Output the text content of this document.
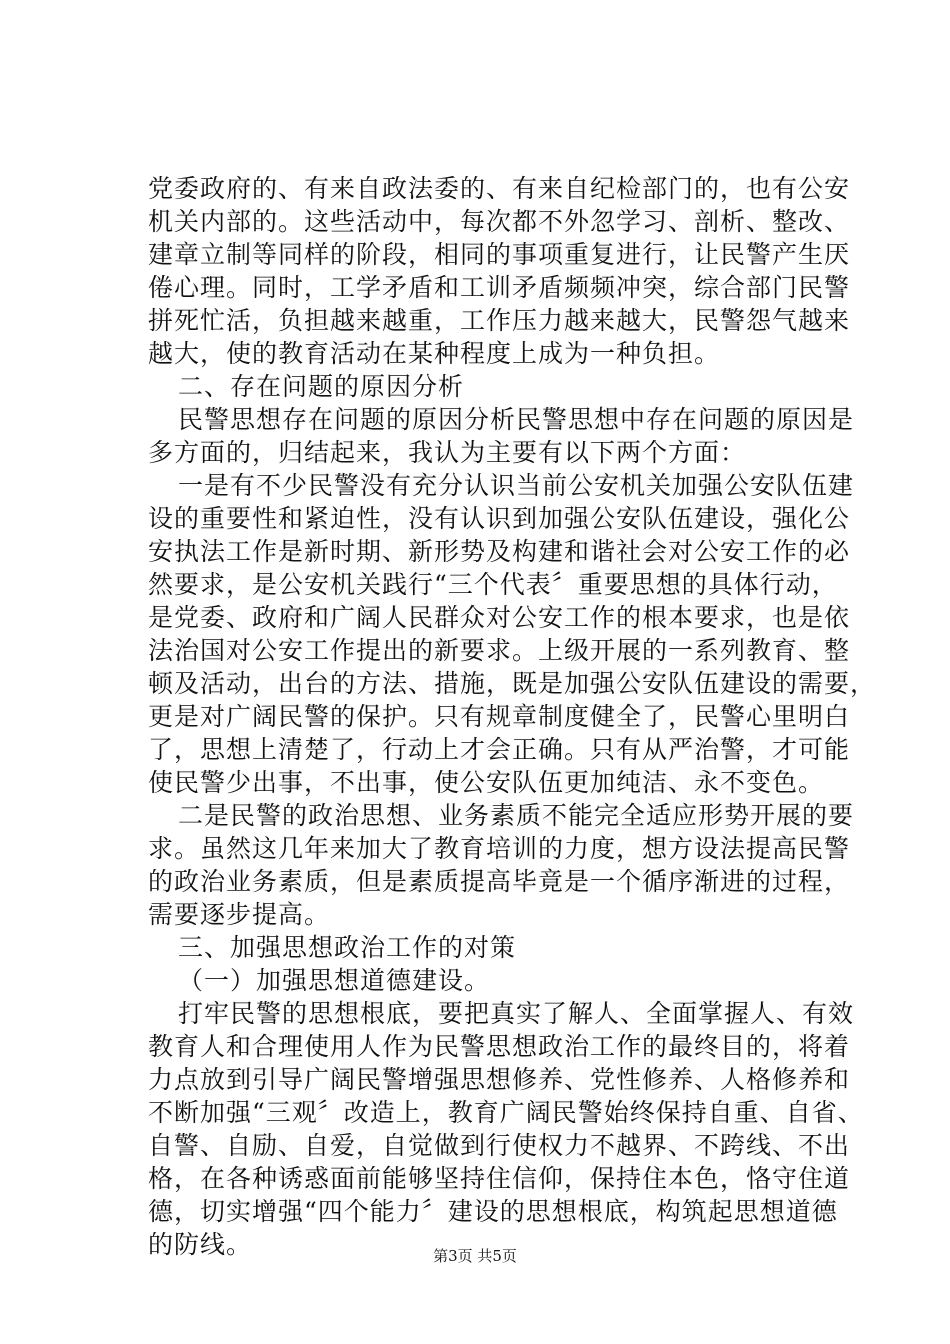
党委政府的、有来自政法委的、有来自纪检部门的，也有公安
机关内部的。这些活动中，每次都不外忽学习、剖析、整改、
建章立制等同样的阶段，相同的事项重复进行，让民警产生厌
倦心理。同时，工学矛盾和工训矛盾频频冲突，综合部门民警
拼死忙活，负担越来越重，工作压力越来越大，民警怨气越来
越大，使的教育活动在某种程度上成为一种负担。
二、存在问题的原因分析
民警思想存在问题的原因分析民警思想中存在问题的原因是
多方面的，归结起来，我认为主要有以下两个方面：
一是有不少民警没有充分认识当前公安机关加强公安队伍建
设的重要性和紧迫性，没有认识到加强公安队伍建设，强化公
安执法工作是新时期、新形势及构建和谐社会对公安工作的必
然要求，是公安机关践行“三个代表〞重要思想的具体行动，
是党委、政府和广阔人民群众对公安工作的根本要求，也是依
法治国对公安工作提出的新要求。上级开展的一系列教育、整
顿及活动，出台的方法、措施，既是加强公安队伍建设的需要，
更是对广阔民警的保护。只有规章制度健全了，民警心里明白
了，思想上清楚了，行动上才会正确。只有从严治警，才可能
使民警少出事，不出事，使公安队伍更加纯洁、永不变色。
二是民警的政治思想、业务素质不能完全适应形势开展的要
求。虽然这几年来加大了教育培训的力度，想方设法提高民警
的政治业务素质，但是素质提高毕竟是一个循序渐进的过程，
需要逐步提高。
三、加强思想政治工作的对策
（一）加强思想道德建设。
打牢民警的思想根底，要把真实了解人、全面掌握人、有效
教育人和合理使用人作为民警思想政治工作的最终目的，将着
力点放到引导广阔民警增强思想修养、党性修养、人格修养和
不断加强“三观〞改造上，教育广阔民警始终保持自重、自省、
自警、自励、自爱，自觉做到行使权力不越界、不跨线、不出
格，在各种诱惑面前能够坚持住信仰，保持住本色，恪守住道
德，切实增强“四个能力〞建设的思想根底，构筑起思想道德
的防线。	第3页 共5页
